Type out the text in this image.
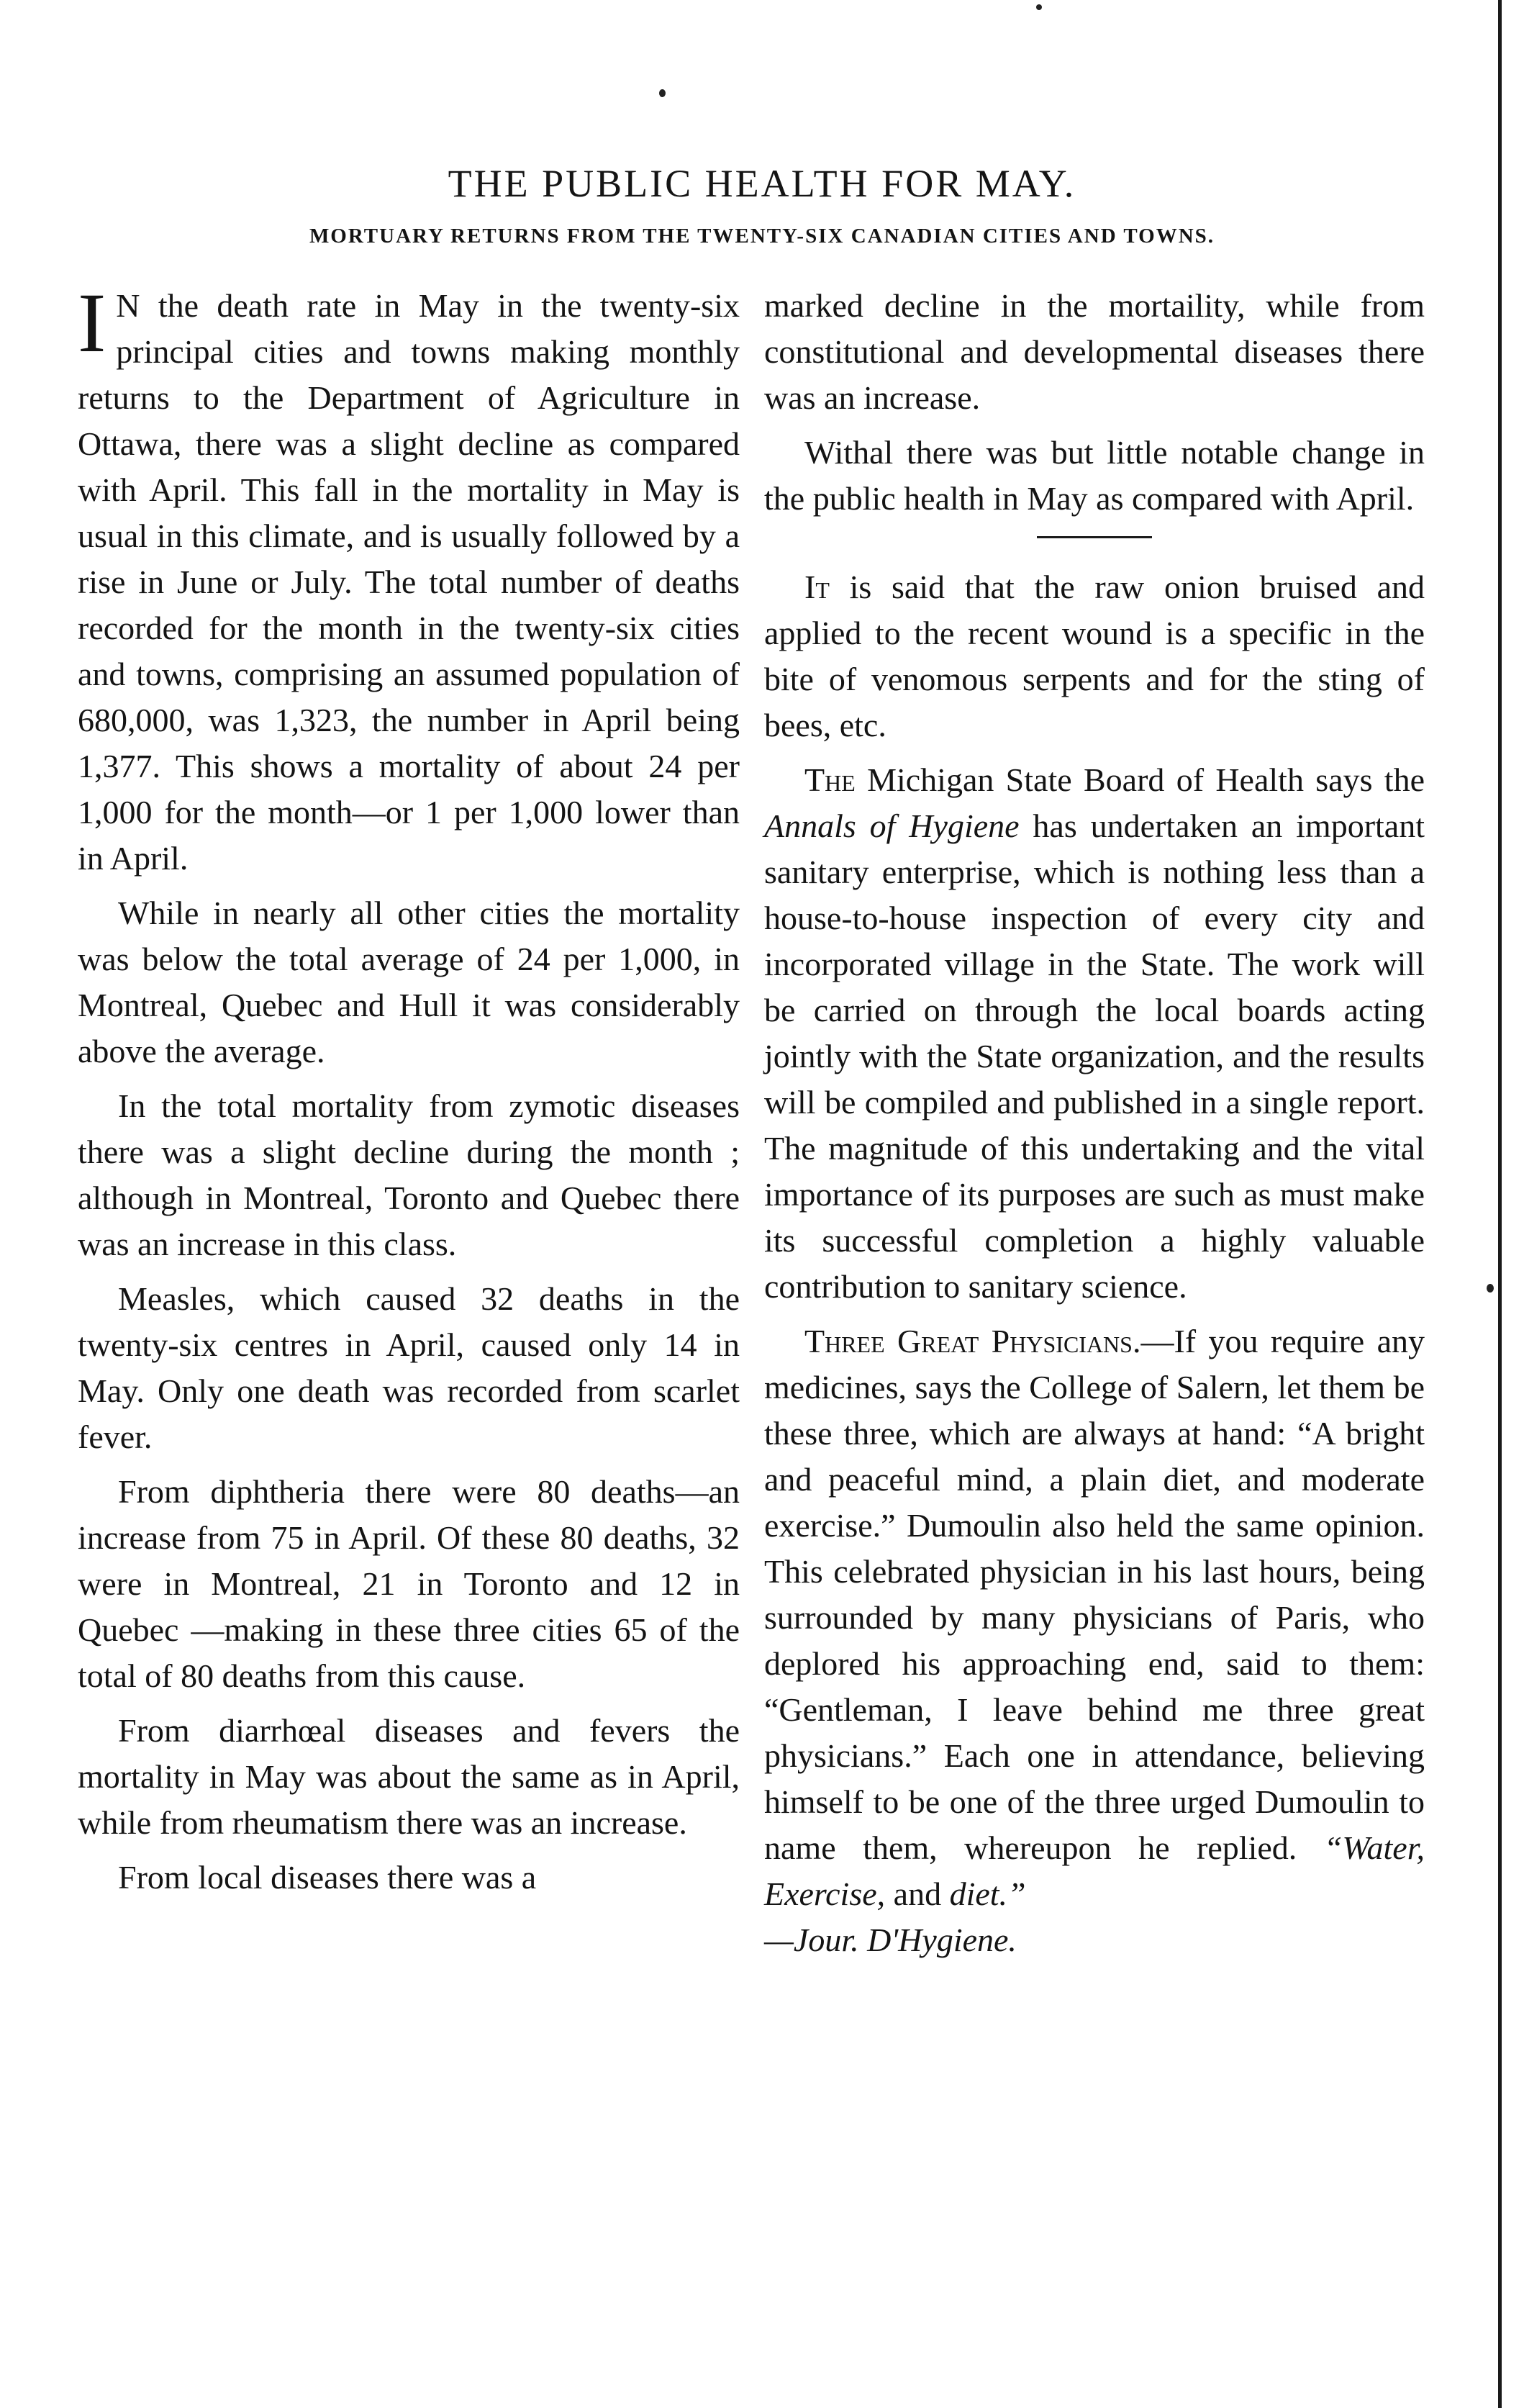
THE PUBLIC HEALTH FOR MAY.
MORTUARY RETURNS FROM THE TWENTY-SIX CANADIAN CITIES AND TOWNS.

I N the death rate in May in the twenty-six principal cities and towns making monthly returns to the Department of Agriculture in Ottawa, there was a slight decline as compared with April. This fall in the mortality in May is usual in this climate, and is usually followed by a rise in June or July. The total number of deaths recorded for the month in the twenty-six cities and towns, comprising an assumed population of 680,000, was 1,323, the number in April being 1,377. This shows a mortality of about 24 per 1,000 for the month—or 1 per 1,000 lower than in April.

While in nearly all other cities the mortality was below the total average of 24 per 1,000, in Montreal, Quebec and Hull it was considerably above the average.

In the total mortality from zymotic diseases there was a slight decline during the month ; although in Montreal, Toronto and Quebec there was an increase in this class.

Measles, which caused 32 deaths in the twenty-six centres in April, caused only 14 in May. Only one death was recorded from scarlet fever.

From diphtheria there were 80 deaths—an increase from 75 in April. Of these 80 deaths, 32 were in Montreal, 21 in Toronto and 12 in Quebec —making in these three cities 65 of the total of 80 deaths from this cause.

From diarrhœal diseases and fevers the mortality in May was about the same as in April, while from rheumatism there was an increase.

From local diseases there was a

marked decline in the mortaility, while from constitutional and developmental diseases there was an increase.

Withal there was but little notable change in the public health in May as compared with April.

It is said that the raw onion bruised and applied to the recent wound is a specific in the bite of venomous serpents and for the sting of bees, etc.

The Michigan State Board of Health says the Annals of Hygiene has undertaken an important sanitary enterprise, which is nothing less than a house-to-house inspection of every city and incorporated village in the State. The work will be carried on through the local boards acting jointly with the State organization, and the results will be compiled and published in a single report. The magnitude of this undertaking and the vital importance of its purposes are such as must make its successful completion a highly valuable contribution to sanitary science.

Three Great Physicians.—If you require any medicines, says the College of Salern, let them be these three, which are always at hand: “A bright and peaceful mind, a plain diet, and moderate exercise.” Dumoulin also held the same opinion. This celebrated physician in his last hours, being surrounded by many physicians of Paris, who deplored his approaching end, said to them: “Gentleman, I leave behind me three great physicians.” Each one in attendance, believing himself to be one of the three urged Dumoulin to name them, whereupon he replied. “Water, Exercise, and diet.”
—Jour. D'Hygiene.
